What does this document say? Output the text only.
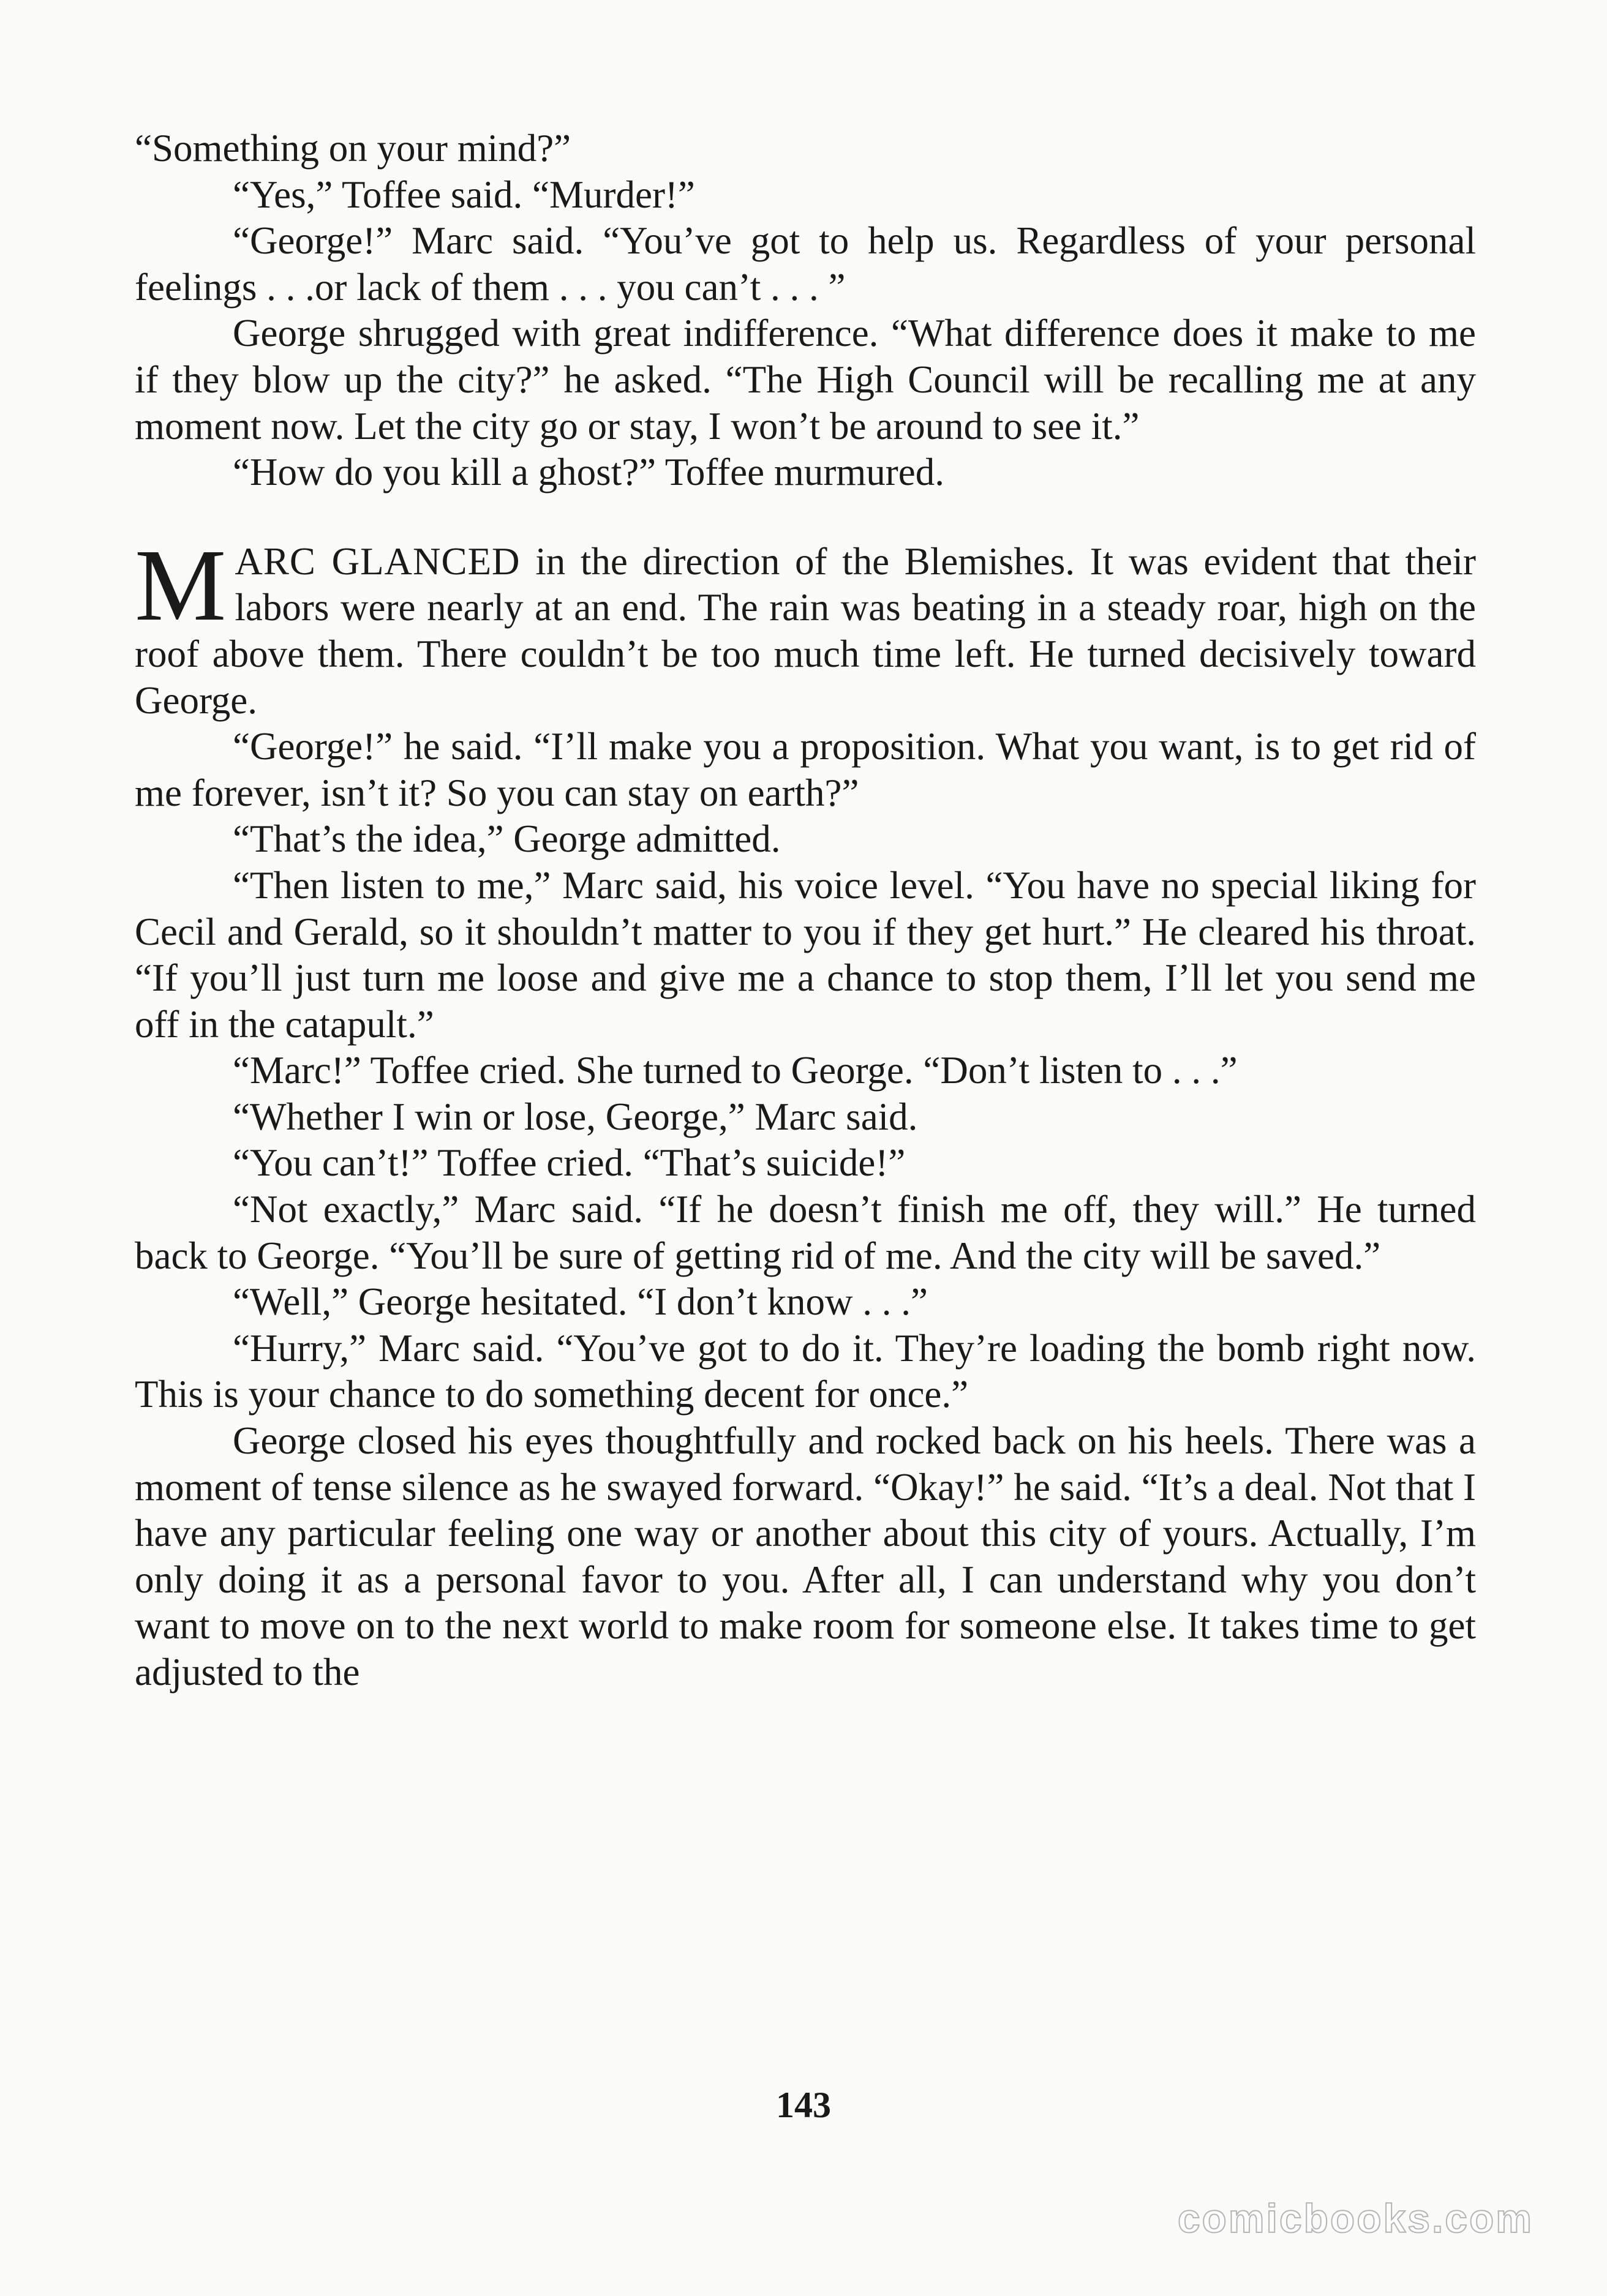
“Something on your mind?”

“Yes,” Toffee said. “Murder!”

“George!” Marc said. “You’ve got to help us. Regardless of your personal feelings . . .or lack of them . . . you can’t . . . ”

George shrugged with great indifference. “What difference does it make to me if they blow up the city?” he asked. “The High Council will be recalling me at any moment now. Let the city go or stay, I won’t be around to see it.”

“How do you kill a ghost?” Toffee murmured.

MARC GLANCED in the direction of the Blemishes. It was evident that their labors were nearly at an end. The rain was beating in a steady roar, high on the roof above them. There couldn’t be too much time left. He turned decisively toward George.

“George!” he said. “I’ll make you a proposition. What you want, is to get rid of me forever, isn’t it? So you can stay on earth?”

“That’s the idea,” George admitted.

“Then listen to me,” Marc said, his voice level. “You have no special liking for Cecil and Gerald, so it shouldn’t matter to you if they get hurt.” He cleared his throat. “If you’ll just turn me loose and give me a chance to stop them, I’ll let you send me off in the catapult.”

“Marc!” Toffee cried. She turned to George. “Don’t listen to . . .”

“Whether I win or lose, George,” Marc said.

“You can’t!” Toffee cried. “That’s suicide!”

“Not exactly,” Marc said. “If he doesn’t finish me off, they will.” He turned back to George. “You’ll be sure of getting rid of me. And the city will be saved.”

“Well,” George hesitated. “I don’t know . . .”

“Hurry,” Marc said. “You’ve got to do it. They’re loading the bomb right now. This is your chance to do something decent for once.”

George closed his eyes thoughtfully and rocked back on his heels. There was a moment of tense silence as he swayed forward. “Okay!” he said. “It’s a deal. Not that I have any particular feeling one way or another about this city of yours. Actually, I’m only doing it as a personal favor to you. After all, I can understand why you don’t want to move on to the next world to make room for someone else. It takes time to get adjusted to the

143
comicbooks.com
